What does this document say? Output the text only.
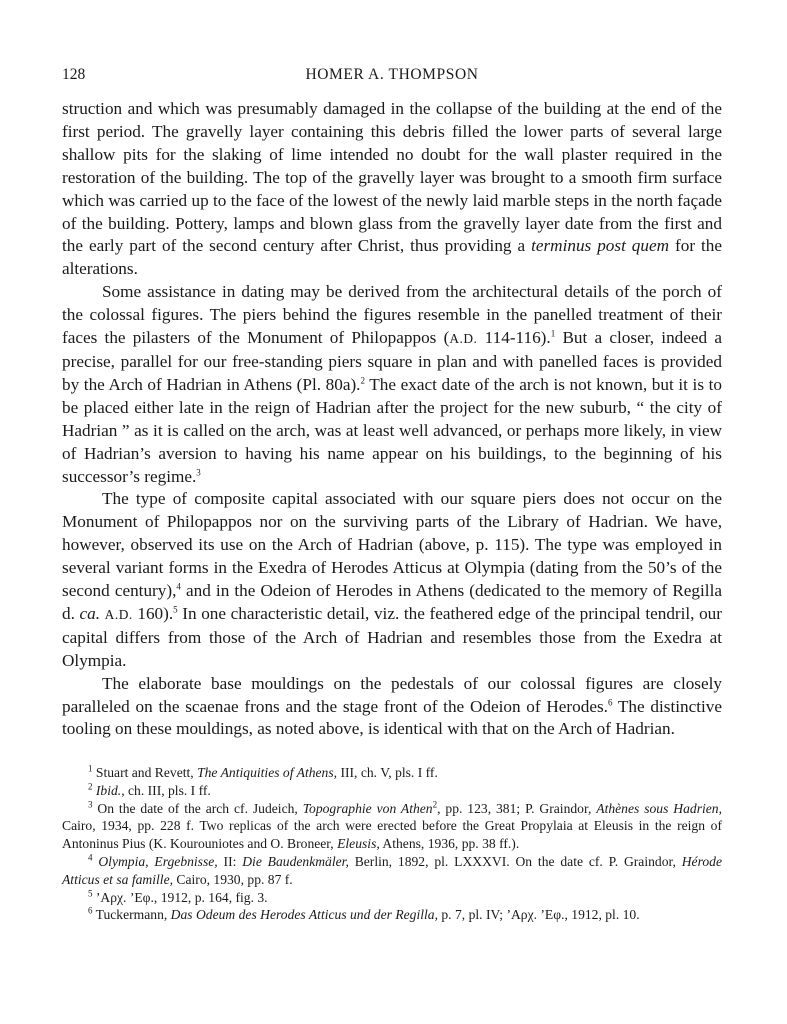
128	HOMER A. THOMPSON

struction and which was presumably damaged in the collapse of the building at the end of the first period. The gravelly layer containing this debris filled the lower parts of several large shallow pits for the slaking of lime intended no doubt for the wall plaster required in the restoration of the building. The top of the gravelly layer was brought to a smooth firm surface which was carried up to the face of the lowest of the newly laid marble steps in the north façade of the building. Pottery, lamps and blown glass from the gravelly layer date from the first and the early part of the second century after Christ, thus providing a terminus post quem for the alterations.

Some assistance in dating may be derived from the architectural details of the porch of the colossal figures. The piers behind the figures resemble in the panelled treatment of their faces the pilasters of the Monument of Philopappos (A.D. 114-116).$^1$ But a closer, indeed a precise, parallel for our free-standing piers square in plan and with panelled faces is provided by the Arch of Hadrian in Athens (Pl. 80a).$^2$ The exact date of the arch is not known, but it is to be placed either late in the reign of Hadrian after the project for the new suburb, “ the city of Hadrian ” as it is called on the arch, was at least well advanced, or perhaps more likely, in view of Hadrian’s aversion to having his name appear on his buildings, to the beginning of his successor’s regime.$^3$

The type of composite capital associated with our square piers does not occur on the Monument of Philopappos nor on the surviving parts of the Library of Hadrian. We have, however, observed its use on the Arch of Hadrian (above, p. 115). The type was employed in several variant forms in the Exedra of Herodes Atticus at Olympia (dating from the 50’s of the second century),$^4$ and in the Odeion of Herodes in Athens (dedicated to the memory of Regilla d. ca. A.D. 160).$^5$ In one characteristic detail, viz. the feathered edge of the principal tendril, our capital differs from those of the Arch of Hadrian and resembles those from the Exedra at Olympia.

The elaborate base mouldings on the pedestals of our colossal figures are closely paralleled on the scaenae frons and the stage front of the Odeion of Herodes.$^6$ The distinctive tooling on these mouldings, as noted above, is identical with that on the Arch of Hadrian.

$^1$ Stuart and Revett, The Antiquities of Athens, III, ch. V, pls. I ff.

$^2$ Ibid., ch. III, pls. I ff.

$^3$ On the date of the arch cf. Judeich, Topographie von Athen$^2$, pp. 123, 381; P. Graindor, Athènes sous Hadrien, Cairo, 1934, pp. 228 f. Two replicas of the arch were erected before the Great Propylaia at Eleusis in the reign of Antoninus Pius (K. Kourouniotes and O. Broneer, Eleusis, Athens, 1936, pp. 38 ff.).

$^4$ Olympia, Ergebnisse, II: Die Baudenkmäler, Berlin, 1892, pl. LXXXVI. On the date cf. P. Graindor, Hérode Atticus et sa famille, Cairo, 1930, pp. 87 f.

$^5$ ’Αρχ. ’Εφ., 1912, p. 164, fig. 3.

$^6$ Tuckermann, Das Odeum des Herodes Atticus und der Regilla, p. 7, pl. IV; ’Αρχ. ’Εφ., 1912, pl. 10.
